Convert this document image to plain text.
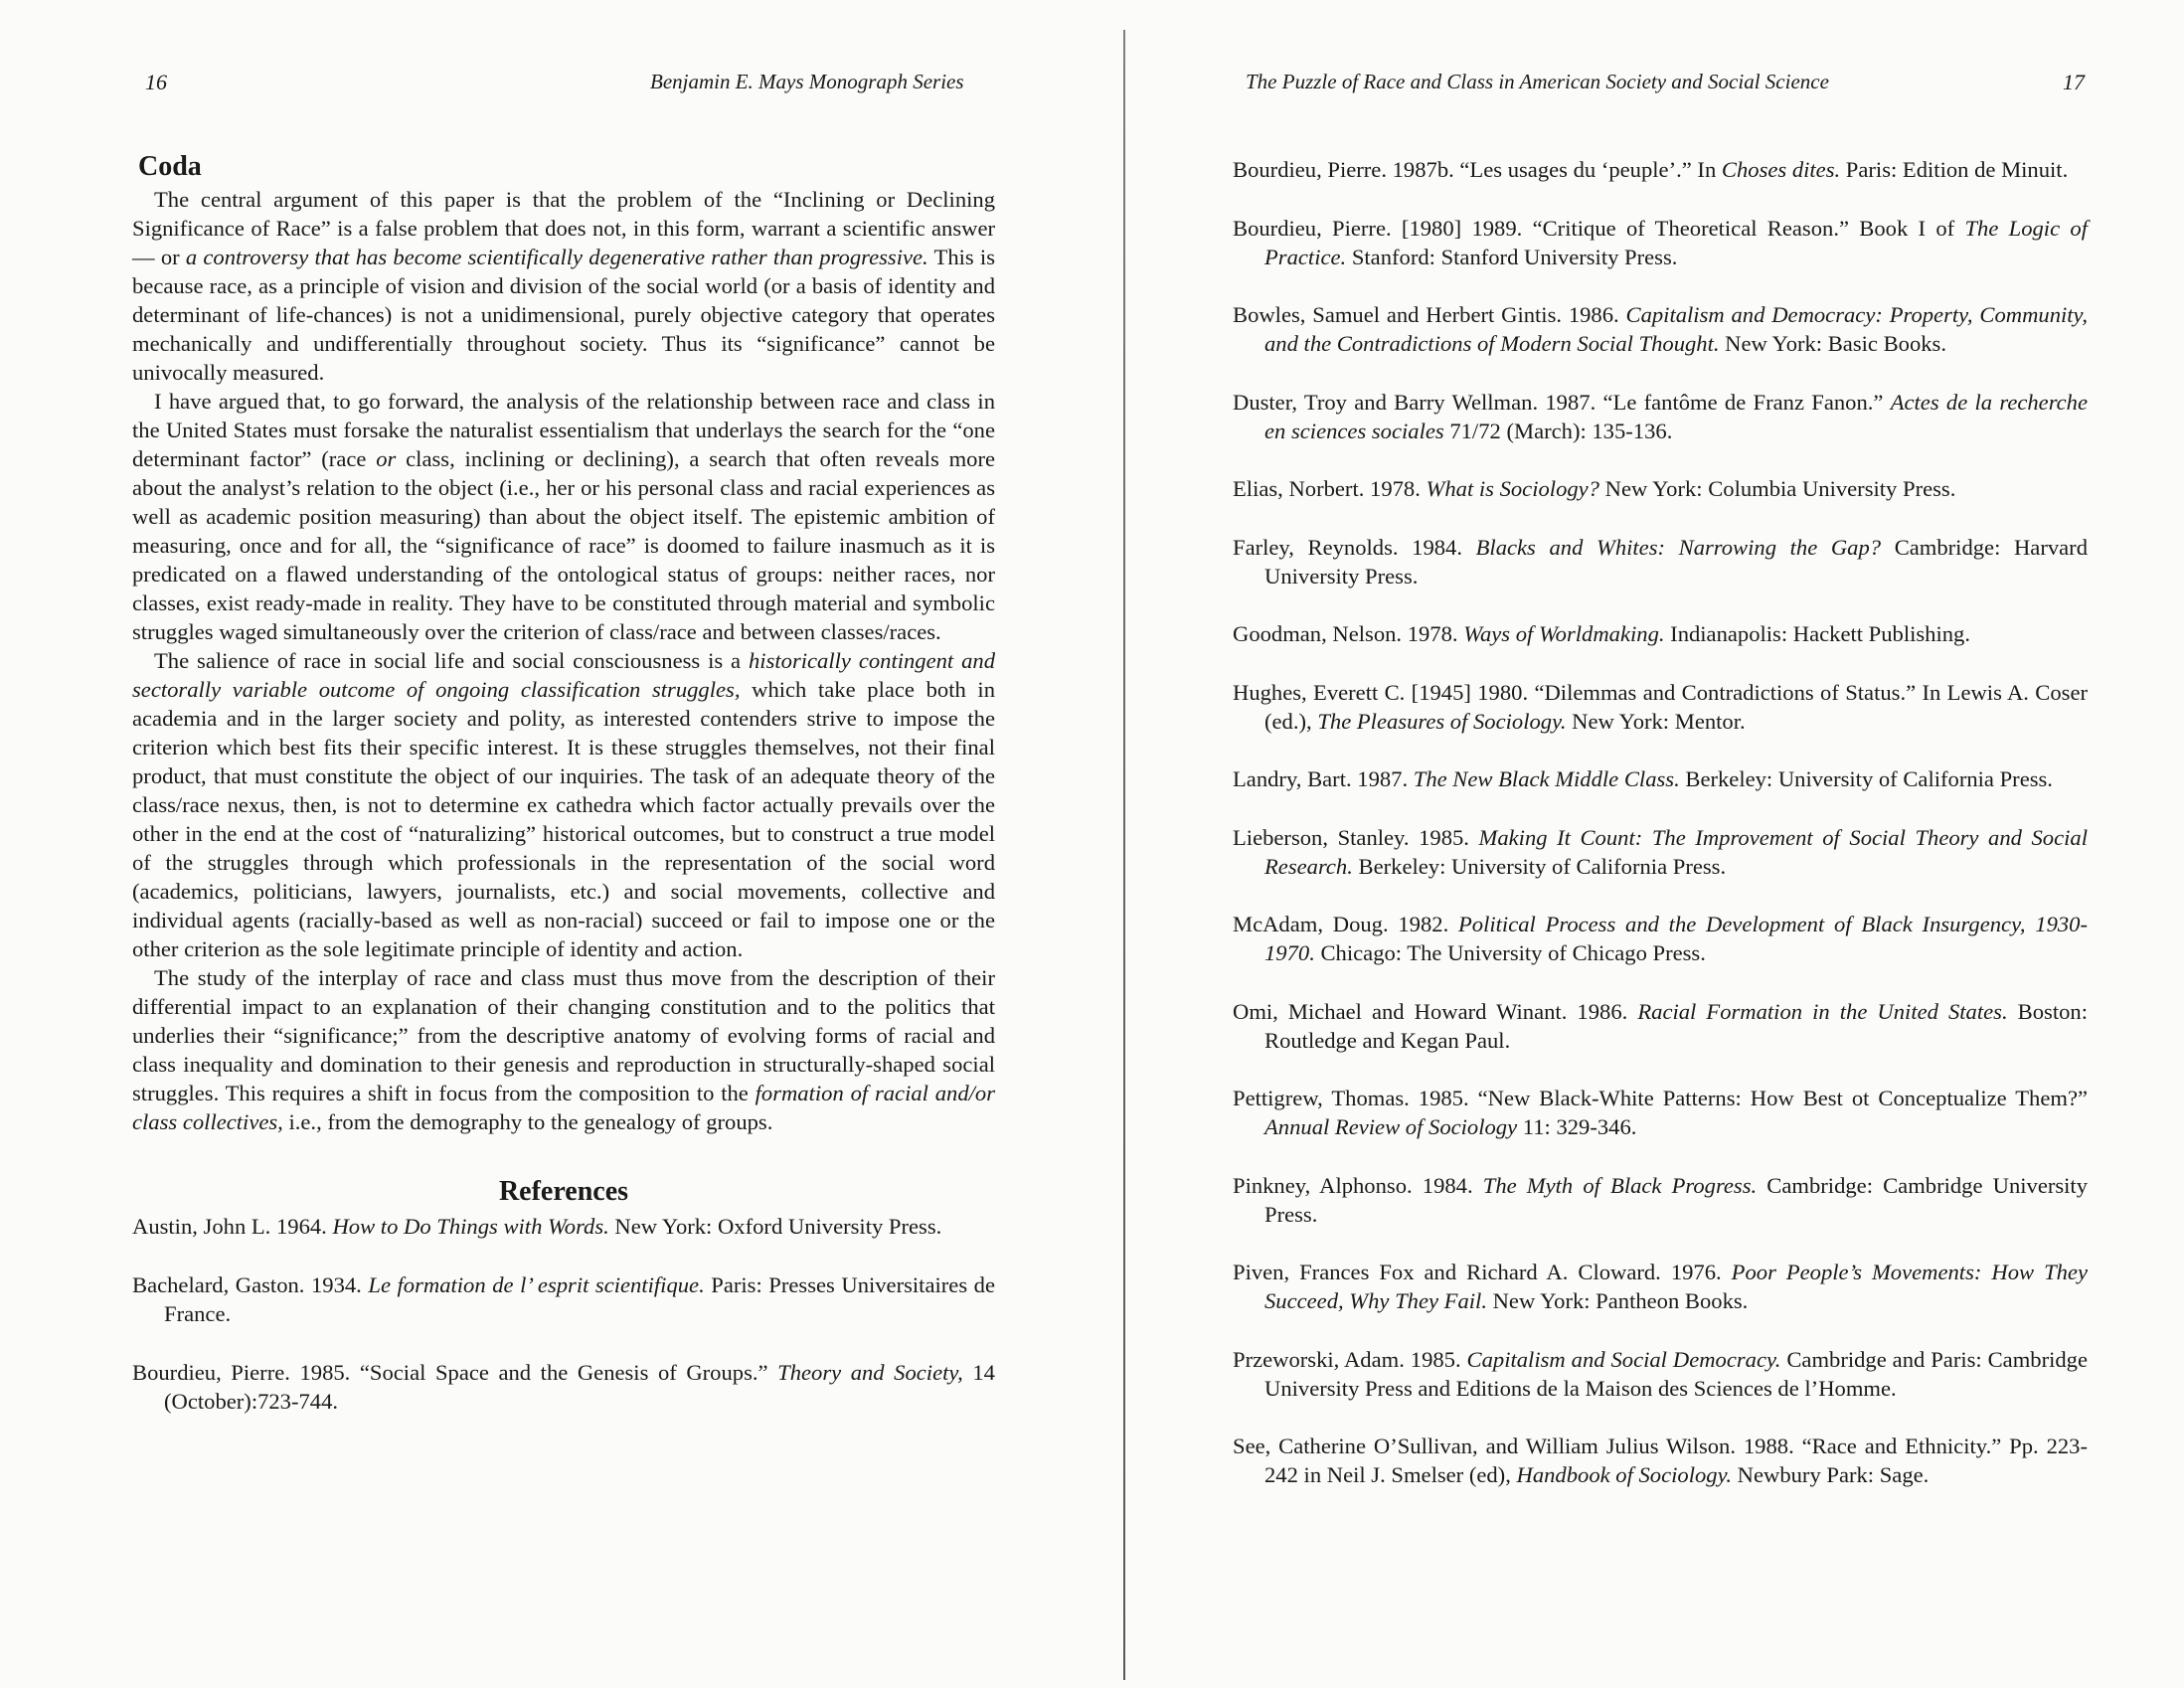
16	Benjamin E. Mays Monograph Series
Coda

The central argument of this paper is that the problem of the “Inclining or Declining Significance of Race” is a false problem that does not, in this form, warrant a scientific answer — or a controversy that has become scientifically degenerative rather than progressive. This is because race, as a principle of vision and division of the social world (or a basis of identity and determinant of life-chances) is not a unidimensional, purely objective category that operates mechanically and undifferentially throughout society. Thus its “significance” cannot be univocally measured.

I have argued that, to go forward, the analysis of the relationship between race and class in the United States must forsake the naturalist essentialism that underlays the search for the “one determinant factor” (race or class, inclining or declining), a search that often reveals more about the analyst’s relation to the object (i.e., her or his personal class and racial experiences as well as academic position measuring) than about the object itself. The epistemic ambition of measuring, once and for all, the “significance of race” is doomed to failure inasmuch as it is predicated on a flawed understanding of the ontological status of groups: neither races, nor classes, exist ready-made in reality. They have to be constituted through material and symbolic struggles waged simultaneously over the criterion of class/race and between classes/races.

The salience of race in social life and social consciousness is a historically contingent and sectorally variable outcome of ongoing classification struggles, which take place both in academia and in the larger society and polity, as interested contenders strive to impose the criterion which best fits their specific interest. It is these struggles themselves, not their final product, that must constitute the object of our inquiries. The task of an adequate theory of the class/race nexus, then, is not to determine ex cathedra which factor actually prevails over the other in the end at the cost of “naturalizing” historical outcomes, but to construct a true model of the struggles through which professionals in the representation of the social word (academics, politicians, lawyers, journalists, etc.) and social movements, collective and individual agents (racially-based as well as non-racial) succeed or fail to impose one or the other criterion as the sole legitimate principle of identity and action.

The study of the interplay of race and class must thus move from the description of their differential impact to an explanation of their changing constitution and to the politics that underlies their “significance;” from the descriptive anatomy of evolving forms of racial and class inequality and domination to their genesis and reproduction in structurally-shaped social struggles. This requires a shift in focus from the composition to the formation of racial and/or class collectives, i.e., from the demography to the genealogy of groups.

References
Austin, John L. 1964. How to Do Things with Words. New York: Oxford University Press.
Bachelard, Gaston. 1934. Le formation de l’ esprit scientifique. Paris: Presses Universitaires de France.
Bourdieu, Pierre. 1985. “Social Space and the Genesis of Groups.” Theory and Society, 14 (October):723-744.
The Puzzle of Race and Class in American Society and Social Science	17
Bourdieu, Pierre. 1987b. “Les usages du ‘peuple’.” In Choses dites. Paris: Edition de Minuit.
Bourdieu, Pierre. [1980] 1989. “Critique of Theoretical Reason.” Book I of The Logic of Practice. Stanford: Stanford University Press.
Bowles, Samuel and Herbert Gintis. 1986. Capitalism and Democracy: Property, Community, and the Contradictions of Modern Social Thought. New York: Basic Books.
Duster, Troy and Barry Wellman. 1987. “Le fantôme de Franz Fanon.” Actes de la recherche en sciences sociales 71/72 (March): 135-136.
Elias, Norbert. 1978. What is Sociology? New York: Columbia University Press.
Farley, Reynolds. 1984. Blacks and Whites: Narrowing the Gap? Cambridge: Harvard University Press.
Goodman, Nelson. 1978. Ways of Worldmaking. Indianapolis: Hackett Publishing.
Hughes, Everett C. [1945] 1980. “Dilemmas and Contradictions of Status.” In Lewis A. Coser (ed.), The Pleasures of Sociology. New York: Mentor.
Landry, Bart. 1987. The New Black Middle Class. Berkeley: University of California Press.
Lieberson, Stanley. 1985. Making It Count: The Improvement of Social Theory and Social Research. Berkeley: University of California Press.
McAdam, Doug. 1982. Political Process and the Development of Black Insurgency, 1930-1970. Chicago: The University of Chicago Press.
Omi, Michael and Howard Winant. 1986. Racial Formation in the United States. Boston: Routledge and Kegan Paul.
Pettigrew, Thomas. 1985. “New Black-White Patterns: How Best ot Conceptualize Them?” Annual Review of Sociology 11: 329-346.
Pinkney, Alphonso. 1984. The Myth of Black Progress. Cambridge: Cambridge University Press.
Piven, Frances Fox and Richard A. Cloward. 1976. Poor People’s Movements: How They Succeed, Why They Fail. New York: Pantheon Books.
Przeworski, Adam. 1985. Capitalism and Social Democracy. Cambridge and Paris: Cambridge University Press and Editions de la Maison des Sciences de l’Homme.
See, Catherine O’Sullivan, and William Julius Wilson. 1988. “Race and Ethnicity.” Pp. 223-242 in Neil J. Smelser (ed), Handbook of Sociology. Newbury Park: Sage.
